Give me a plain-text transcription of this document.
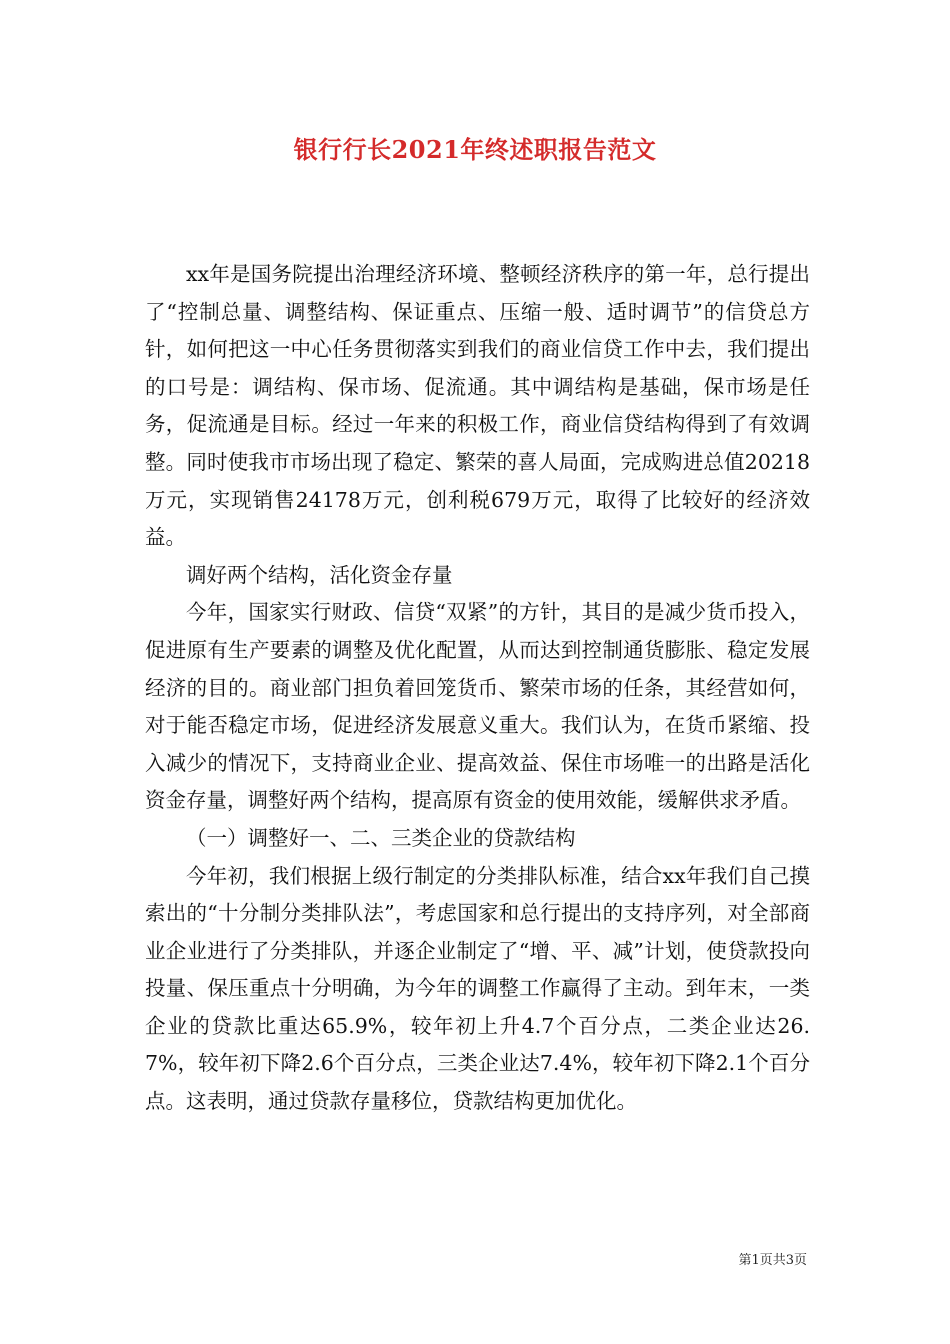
银行行长2021年终述职报告范文

xx年是国务院提出治理经济环境、整顿经济秩序的第一年，总行提出了“控制总量、调整结构、保证重点、压缩一般、适时调节”的信贷总方针，如何把这一中心任务贯彻落实到我们的商业信贷工作中去，我们提出的口号是：调结构、保市场、促流通。其中调结构是基础，保市场是任务，促流通是目标。经过一年来的积极工作，商业信贷结构得到了有效调整。同时使我市市场出现了稳定、繁荣的喜人局面，完成购进总值20218万元，实现销售24178万元，创利税679万元，取得了比较好的经济效益。

调好两个结构，活化资金存量

今年，国家实行财政、信贷“双紧”的方针，其目的是减少货币投入，促进原有生产要素的调整及优化配置，从而达到控制通货膨胀、稳定发展经济的目的。商业部门担负着回笼货币、繁荣市场的任条，其经营如何，对于能否稳定市场，促进经济发展意义重大。我们认为，在货币紧缩、投入减少的情况下，支持商业企业、提高效益、保住市场唯一的出路是活化资金存量，调整好两个结构，提高原有资金的使用效能，缓解供求矛盾。

（一）调整好一、二、三类企业的贷款结构

今年初，我们根据上级行制定的分类排队标准，结合xx年我们自己摸索出的“十分制分类排队法”，考虑国家和总行提出的支持序列，对全部商业企业进行了分类排队，并逐企业制定了“增、平、减”计划，使贷款投向投量、保压重点十分明确，为今年的调整工作赢得了主动。到年末，一类企业的贷款比重达65.9%，较年初上升4.7个百分点，二类企业达26.7%，较年初下降2.6个百分点，三类企业达7.4%，较年初下降2.1个百分点。这表明，通过贷款存量移位，贷款结构更加优化。

第1页共3页
